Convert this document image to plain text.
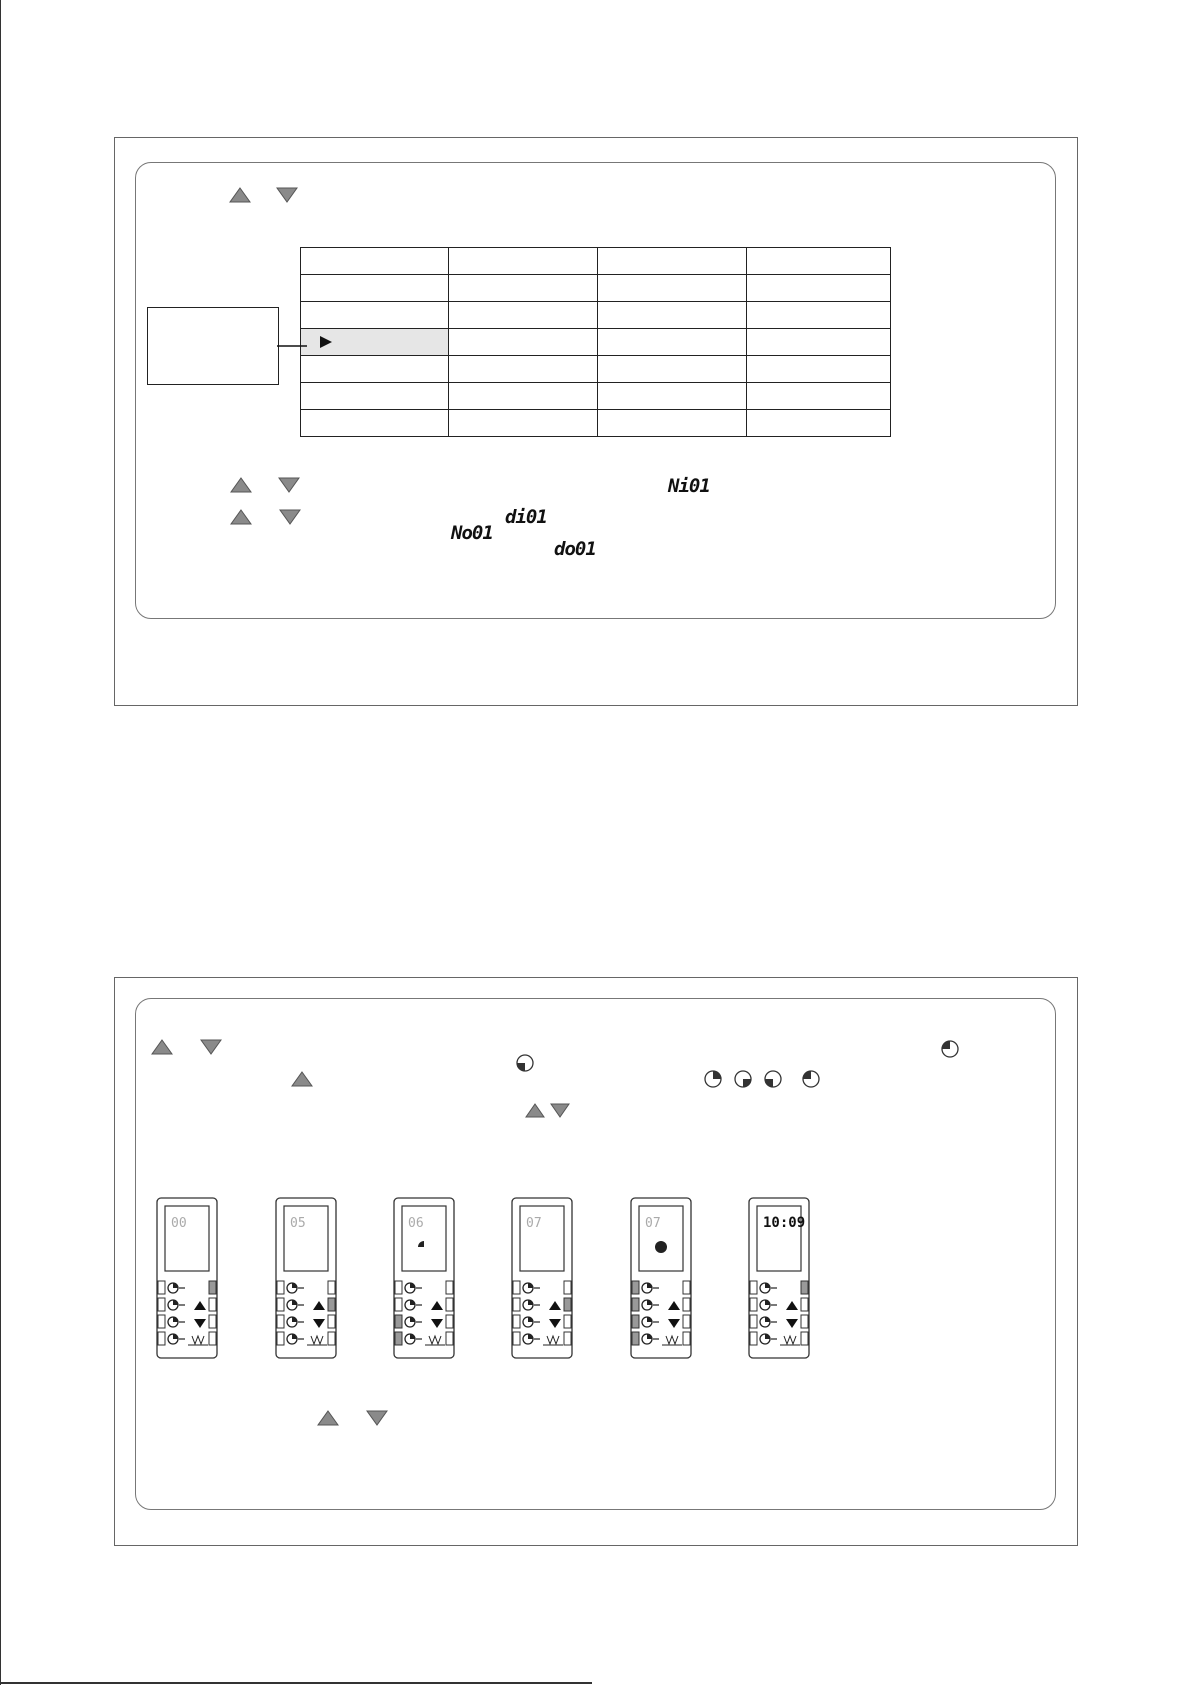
Ni01
di01
No01
do01
00	05	06	07	07	10:09
